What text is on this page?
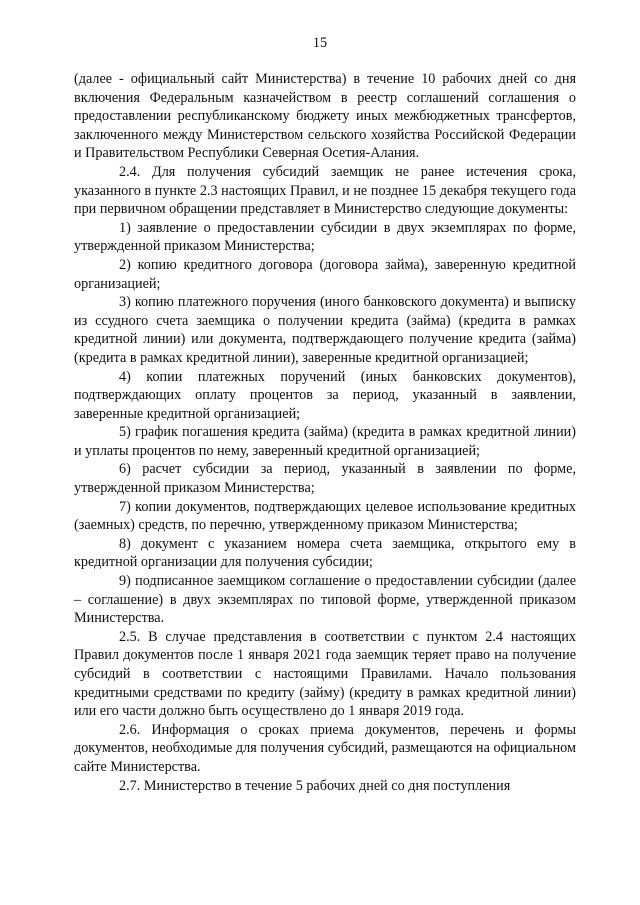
15

(далее - официальный сайт Министерства) в течение 10 рабочих дней со дня включения Федеральным казначейством в реестр соглашений соглашения о предоставлении республиканскому бюджету иных межбюджетных трансфертов, заключенного между Министерством сельского хозяйства Российской Федерации и Правительством Республики Северная Осетия-Алания.

2.4. Для получения субсидий заемщик не ранее истечения срока, указанного в пункте 2.3 настоящих Правил, и не позднее 15 декабря текущего года при первичном обращении представляет в Министерство следующие документы:

1) заявление о предоставлении субсидии в двух экземплярах по форме, утвержденной приказом Министерства;

2) копию кредитного договора (договора займа), заверенную кредитной организацией;

3) копию платежного поручения (иного банковского документа) и выписку из ссудного счета заемщика о получении кредита (займа) (кредита в рамках кредитной линии) или документа, подтверждающего получение кредита (займа) (кредита в рамках кредитной линии), заверенные кредитной организацией;

4) копии платежных поручений (иных банковских документов), подтверждающих оплату процентов за период, указанный в заявлении, заверенные кредитной организацией;

5) график погашения кредита (займа) (кредита в рамках кредитной линии) и уплаты процентов по нему, заверенный кредитной организацией;

6) расчет субсидии за период, указанный в заявлении по форме, утвержденной приказом Министерства;

7) копии документов, подтверждающих целевое использование кредитных (заемных) средств, по перечню, утвержденному приказом Министерства;

8) документ с указанием номера счета заемщика, открытого ему в кредитной организации для получения субсидии;

9) подписанное заемщиком соглашение о предоставлении субсидии (далее – соглашение) в двух экземплярах по типовой форме, утвержденной приказом Министерства.

2.5. В случае представления в соответствии с пунктом 2.4 настоящих Правил документов после 1 января 2021 года заемщик теряет право на получение субсидий в соответствии с настоящими Правилами. Начало пользования кредитными средствами по кредиту (займу) (кредиту в рамках кредитной линии) или его части должно быть осуществлено до 1 января 2019 года.

2.6. Информация о сроках приема документов, перечень и формы документов, необходимые для получения субсидий, размещаются на официальном сайте Министерства.

2.7. Министерство в течение 5 рабочих дней со дня поступления
